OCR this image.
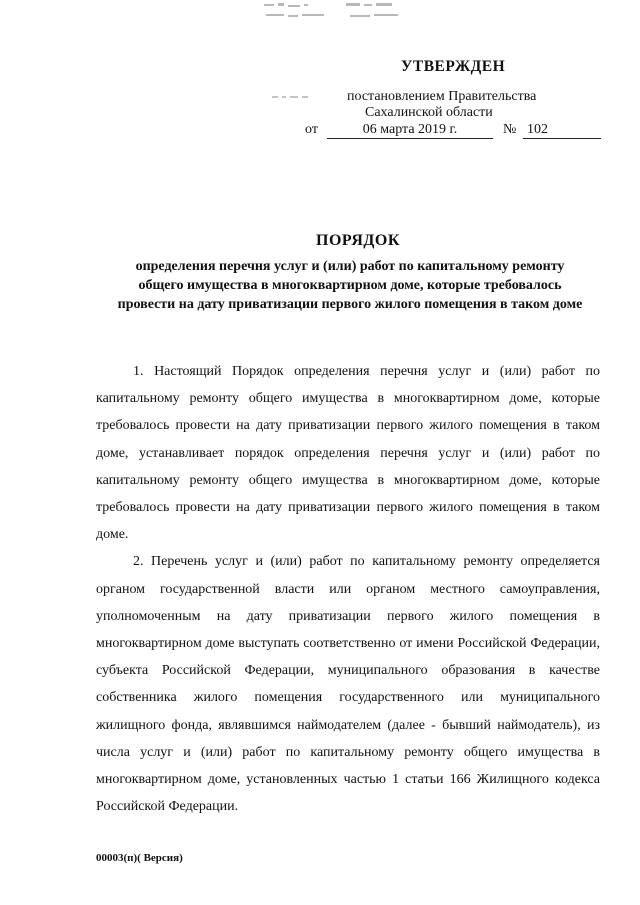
УТВЕРЖДЕН
постановлением Правительства
Сахалинской области
от	06 марта 2019 г.	№ 102
ПОРЯДОК
определения перечня услуг и (или) работ по капитальному ремонту
общего имущества в многоквартирном доме, которые требовалось
провести на дату приватизации первого жилого помещения в таком доме

1. Настоящий Порядок определения перечня услуг и (или) работ по капитальному ремонту общего имущества в многоквартирном доме, которые требовалось провести на дату приватизации первого жилого помещения в таком доме, устанавливает порядок определения перечня услуг и (или) работ по капитальному ремонту общего имущества в многоквартирном доме, которые требовалось провести на дату приватизации первого жилого помещения в таком доме.

2. Перечень услуг и (или) работ по капитальному ремонту определяется органом государственной власти или органом местного самоуправления, уполномоченным на дату приватизации первого жилого помещения в многоквартирном доме выступать соответственно от имени Российской Федерации, субъекта Российской Федерации, муниципального образования в качестве собственника жилого помещения государственного или муниципального жилищного фонда, являвшимся наймодателем (далее - бывший наймодатель), из числа услуг и (или) работ по капитальному ремонту общего имущества в многоквартирном доме, установленных частью 1 статьи 166 Жилищного кодекса Российской Федерации.

00003(п)( Версия)
